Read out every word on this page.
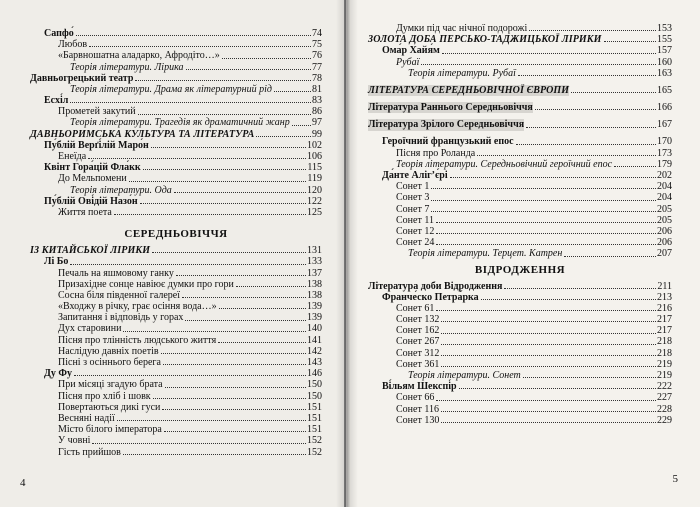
Сапфо́	74
Любов	75
«Барвношатна аладарко, Афродіто…»	76
Теорія літератури. Лірика	77
Давньогрецький театр	78
Теорія літератури. Драма як літературний рід	81
Есхі́л	83
Прометей закутий	86
Теорія літератури. Трагедія як драматичний жанр 97
ДАВНЬОРИМСЬКА КУЛЬТУРА ТА ЛІТЕРАТУРА	99
Пу́блій Верґі́лій Маро́н	102
Енеїда	106
Квінт Гора́цій Фла́кк	115
До Мельпомени	119
Теорія літератури. Ода	120
Пу́блій Ові́дій Назо́н	122
Життя поета	125
СЕРЕДНЬОВІЧЧЯ
ІЗ КИТАЙСЬКОЇ ЛІРИКИ	131
Лі Бо	133
Печаль на яшмовому ганку	137
Призахідне сонце навіює думки про гори	138
Сосна біля південної галереї	138
«Входжу в річку, грає осіння вода…»	139
Запитання і відповідь у горах	139
Дух старовини	140
Пісня про тлінність людського життя	141
Наслідую давніх поетів	142
Пісні з осіннього берега	143
Ду Фу	146
При місяці згадую брата	150
Пісня про хліб і шовк	150
Повертаються дикі гуси	151
Весняні надії	151
Місто білого імператора	151
У човні	152
Гість прийшов	152
4
Думки під час нічної подорожі	153
ЗОЛОТА ДОБА ПЕРСЬКО-ТАДЖИЦЬКОЇ ЛІРИКИ	155
Ома́р Хайя́м	157
Рубаї	160
Теорія літератури. Рубаї	163
ЛІТЕРАТУРА СЕРЕДНЬОВІЧНОЇ ЄВРОПИ	165
Література Раннього Середньовіччя	166
Література Зрілого Середньовіччя	167
Героїчний французький епос	170
Пісня про Роланда	173
Теорія літератури. Середньовічний героїчний епос	179
Да́нте Алігʼє́рі	202
Сонет 1	204
Сонет 3	204
Сонет 7	205
Сонет 11	205
Сонет 12	206
Сонет 24	206
Теорія літератури. Терцет. Катрен	207
ВІДРОДЖЕННЯ
Література доби Відродження	211
Франче́ско Петра́рка	213
Сонет 61	216
Сонет 132	217
Сонет 162	217
Сонет 267	218
Сонет 312	218
Сонет 361	219
Теорія літератури. Сонет	219
Ві́льям Шекспі́р	222
Сонет 66	227
Сонет 116	228
Сонет 130	229
5
